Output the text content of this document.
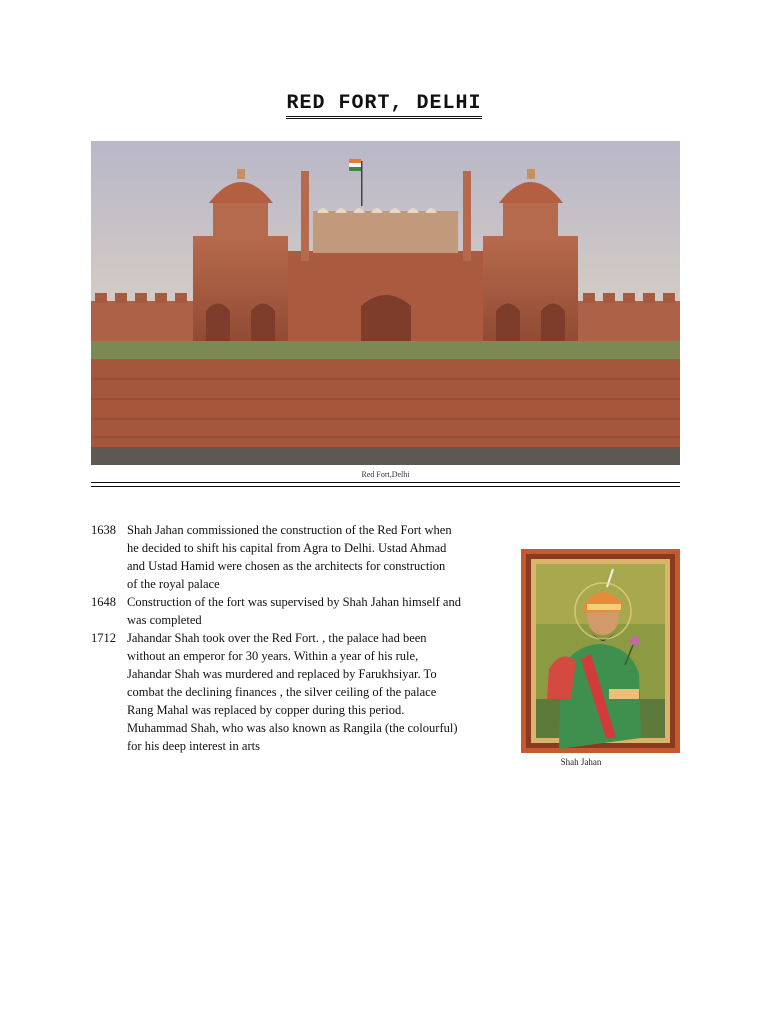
RED FORT, DELHI
Red Fort,Delhi
1638 Shah Jahan commissioned the construction of the Red Fort when
he decided to shift his capital from Agra to Delhi. Ustad Ahmad
and Ustad Hamid were chosen as the architects for construction
of the royal palace
1648 Construction of the fort was supervised by Shah Jahan himself and
was completed
1712 Jahandar Shah took over the Red Fort. , the palace had been
without an emperor for 30 years. Within a year of his rule,
Jahandar Shah was murdered and replaced by Farukhsiyar. To
combat the declining finances , the silver ceiling of the palace
Rang Mahal was replaced by copper during this period.
Muhammad Shah, who was also known as Rangila (the colourful)
for his deep interest in arts
Shah Jahan
